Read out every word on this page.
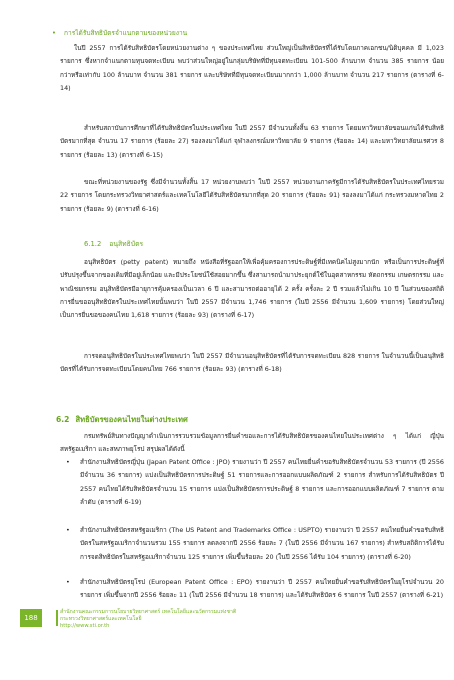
• การได้รับสิทธิบัตรจำแนกตามของหน่วยงาน

ในปี 2557 การได้รับสิทธิบัตรโดยหน่วยงานต่าง ๆ ของประเทศไทย ส่วนใหญ่เป็นสิทธิบัตรที่ได้รับโดยภาคเอกชน/นิติบุคคล มี 1,023 รายการ ซึ่งหากจำแนกตามทุนจดทะเบียน พบว่าส่วนใหญ่อยู่ในกลุ่มบริษัทที่มีทุนจดทะเบียน 101-500 ล้านบาท จำนวน 385 รายการ น้อยกว่าหรือเท่ากับ 100 ล้านบาท จำนวน 381 รายการ และบริษัทที่มีทุนจดทะเบียนมากกว่า 1,000 ล้านบาท จำนวน 217 รายการ (ตารางที่ 6-14)

สำหรับสถาบันการศึกษาที่ได้รับสิทธิบัตรในประเทศไทย ในปี 2557 มีจำนวนทั้งสิ้น 63 รายการ โดยมหาวิทยาลัยขอนแก่นได้รับสิทธิบัตรมากที่สุด จำนวน 17 รายการ (ร้อยละ 27) รองลงมาได้แก่ จุฬาลงกรณ์มหาวิทยาลัย 9 รายการ (ร้อยละ 14) และมหาวิทยาลัยนเรศวร 8 รายการ (ร้อยละ 13) (ตารางที่ 6-15)

ขณะที่หน่วยงานของรัฐ ซึ่งมีจำนวนทั้งสิ้น 17 หน่วยงานพบว่า ในปี 2557 หน่วยงานภาครัฐมีการได้รับสิทธิบัตรในประเทศไทยรวม 22 รายการ โดยกระทรวงวิทยาศาสตร์และเทคโนโลยีได้รับสิทธิบัตรมากที่สุด 20 รายการ (ร้อยละ 91) รองลงมาได้แก่ กระทรวงมหาดไทย 2 รายการ (ร้อยละ 9) (ตารางที่ 6-16)

6.1.2 อนุสิทธิบัตร

อนุสิทธิบัตร (petty patent) หมายถึง หนังสือที่รัฐออกให้เพื่อคุ้มครองการประดิษฐ์ที่มีเทคนิคไม่สูงมากนัก หรือเป็นการประดิษฐ์ที่ปรับปรุงขึ้นจากของเดิมที่มีอยู่เล็กน้อย และมีประโยชน์ใช้สอยมากขึ้น ซึ่งสามารถนำมาประยุกต์ใช้ในอุตสาหกรรม หัตถกรรม เกษตรกรรม และพาณิชยกรรม อนุสิทธิบัตรมีอายุการคุ้มครองเป็นเวลา 6 ปี และสามารถต่ออายุได้ 2 ครั้ง ครั้งละ 2 ปี รวมแล้วไม่เกิน 10 ปี ในส่วนของสถิติการยื่นขออนุสิทธิบัตรในประเทศไทยนั้นพบว่า ในปี 2557 มีจำนวน 1,746 รายการ (ในปี 2556 มีจำนวน 1,609 รายการ) โดยส่วนใหญ่เป็นการยื่นขอของคนไทย 1,618 รายการ (ร้อยละ 93) (ตารางที่ 6-17)

การจดอนุสิทธิบัตรในประเทศไทยพบว่า ในปี 2557 มีจำนวนอนุสิทธิบัตรที่ได้รับการจดทะเบียน 828 รายการ ในจำนวนนี้เป็นอนุสิทธิบัตรที่ได้รับการจดทะเบียนโดยคนไทย 766 รายการ (ร้อยละ 93) (ตารางที่ 6-18)

6.2 สิทธิบัตรของคนไทยในต่างประเทศ

กรมทรัพย์สินทางปัญญาดำเนินการรวบรวมข้อมูลการยื่นคำขอและการได้รับสิทธิบัตรของคนไทยในประเทศต่าง ๆ ได้แก่ ญี่ปุ่น สหรัฐอเมริกา และสหภาพยุโรป สรุปผลได้ดังนี้

•	สำนักงานสิทธิบัตรญี่ปุ่น (Japan Patent Office : JPO) รายงานว่า ปี 2557 คนไทยยื่นคำขอรับสิทธิบัตรจำนวน 53 รายการ (ปี 2556 มีจำนวน 36 รายการ) แบ่งเป็นสิทธิบัตรการประดิษฐ์ 51 รายการและการออกแบบผลิตภัณฑ์ 2 รายการ สำหรับการได้รับสิทธิบัตร ปี 2557 คนไทยได้รับสิทธิบัตรจำนวน 15 รายการ แบ่งเป็นสิทธิบัตรการประดิษฐ์ 8 รายการ และการออกแบบผลิตภัณฑ์ 7 รายการ ตามลำดับ (ตารางที่ 6-19)
•	สำนักงานสิทธิบัตรสหรัฐอเมริกา (The US Patent and Trademarks Office : USPTO) รายงานว่า ปี 2557 คนไทยยื่นคำขอรับสิทธิบัตรในสหรัฐอเมริกาจำนวนรวม 155 รายการ ลดลงจากปี 2556 ร้อยละ 7 (ในปี 2556 มีจำนวน 167 รายการ) สำหรับสถิติการได้รับการจดสิทธิบัตรในสหรัฐอเมริกาจำนวน 125 รายการ เพิ่มขึ้นร้อยละ 20 (ในปี 2556 ได้รับ 104 รายการ) (ตารางที่ 6-20)
•	สำนักงานสิทธิบัตรยุโรป (European Patent Office : EPO) รายงานว่า ปี 2557 คนไทยยื่นคำขอรับสิทธิบัตรในยุโรปจำนวน 20 รายการ เพิ่มขึ้นจากปี 2556 ร้อยละ 11 (ในปี 2556 มีจำนวน 18 รายการ) และได้รับสิทธิบัตร 6 รายการ ในปี 2557 (ตารางที่ 6-21)
188
สำนักงานคณะกรรมการนโยบายวิทยาศาสตร์ เทคโนโลยีและนวัตกรรมแห่งชาติ
กระทรวงวิทยาศาสตร์และเทคโนโลยี
http://www.sti.or.th
